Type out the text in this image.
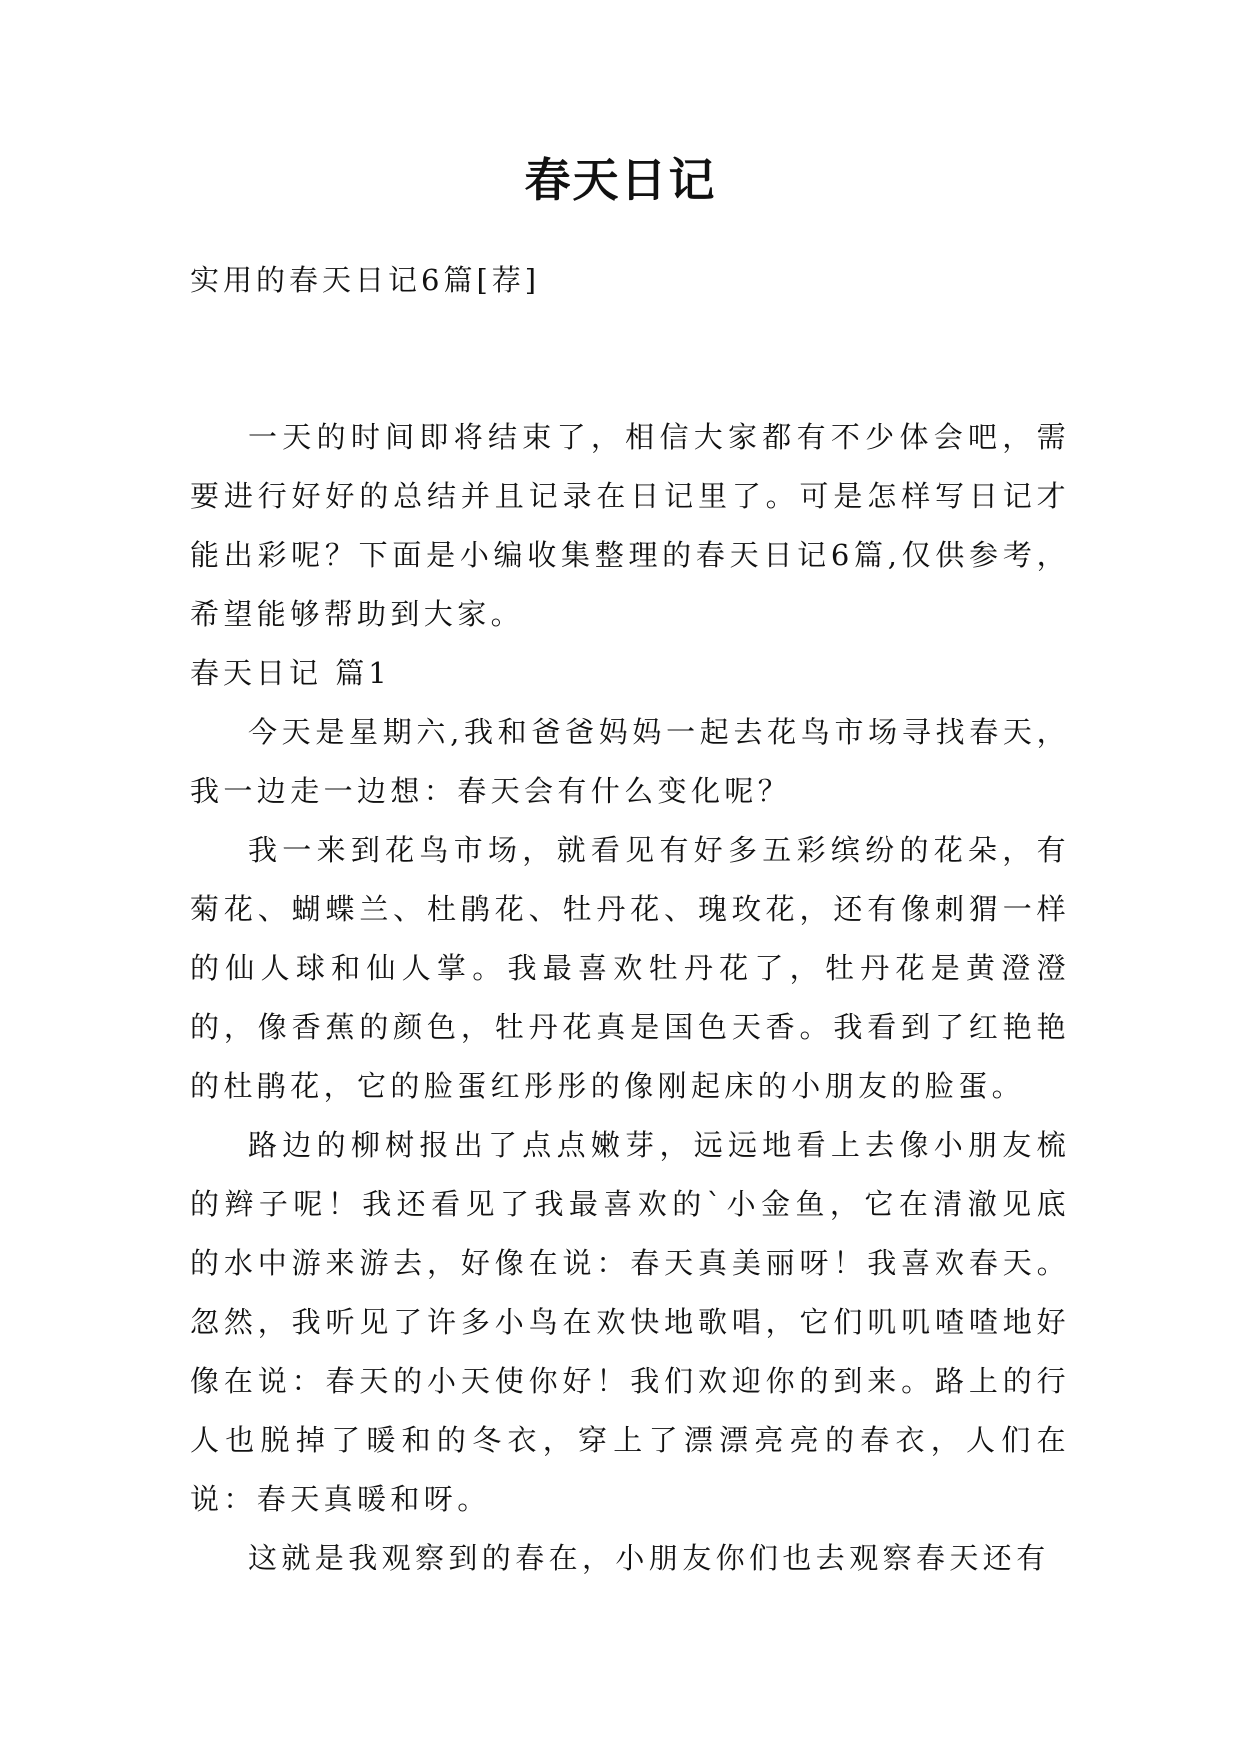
春天日记

实用的春天日记6篇[荐]

一天的时间即将结束了，相信大家都有不少体会吧，需要进行好好的总结并且记录在日记里了。可是怎样写日记才能出彩呢？下面是小编收集整理的春天日记6篇,仅供参考，希望能够帮助到大家。

春天日记 篇1

今天是星期六,我和爸爸妈妈一起去花鸟市场寻找春天，我一边走一边想：春天会有什么变化呢？

我一来到花鸟市场，就看见有好多五彩缤纷的花朵，有菊花、蝴蝶兰、杜鹃花、牡丹花、瑰玫花，还有像刺猬一样的仙人球和仙人掌。我最喜欢牡丹花了，牡丹花是黄澄澄的，像香蕉的颜色，牡丹花真是国色天香。我看到了红艳艳的杜鹃花，它的脸蛋红彤彤的像刚起床的小朋友的脸蛋。

路边的柳树报出了点点嫩芽，远远地看上去像小朋友梳的辫子呢！我还看见了我最喜欢的`小金鱼，它在清澈见底的水中游来游去，好像在说：春天真美丽呀！我喜欢春天。忽然，我听见了许多小鸟在欢快地歌唱，它们叽叽喳喳地好像在说：春天的小天使你好！我们欢迎你的到来。路上的行人也脱掉了暖和的冬衣，穿上了漂漂亮亮的春衣，人们在说：春天真暖和呀。

这就是我观察到的春在，小朋友你们也去观察春天还有
